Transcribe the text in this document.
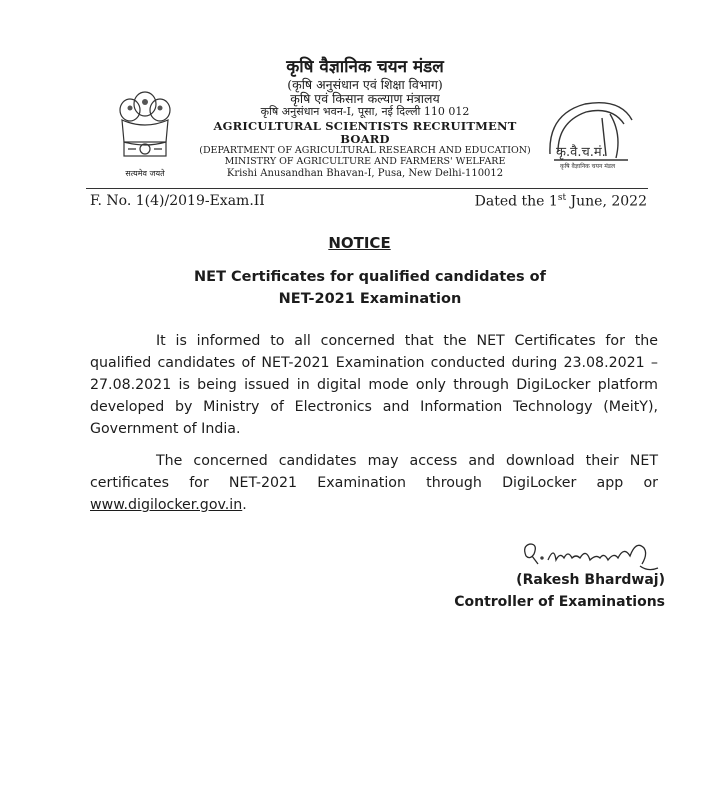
सत्यमेव जयते
कृषि वैज्ञानिक चयन मंडल
(कृषि अनुसंधान एवं शिक्षा विभाग)
कृषि एवं किसान कल्याण मंत्रालय
कृषि अनुसंधान भवन-I, पूसा, नई दिल्ली 110 012
AGRICULTURAL SCIENTISTS RECRUITMENT BOARD
(DEPARTMENT OF AGRICULTURAL RESEARCH AND EDUCATION)
MINISTRY OF AGRICULTURE AND FARMERS' WELFARE
Krishi Anusandhan Bhavan-I, Pusa, New Delhi-110012
कृ.वै.च.मं.
कृषि वैज्ञानिक चयन मंडल
F. No. 1(4)/2019-Exam.II	Dated the 1st June, 2022
NOTICE
NET Certificates for qualified candidates of
NET-2021 Examination
It is informed to all concerned that the NET Certificates for the qualified candidates of NET-2021 Examination conducted during 23.08.2021 – 27.08.2021 is being issued in digital mode only through DigiLocker platform developed by Ministry of Electronics and Information Technology (MeitY), Government of India.
The concerned candidates may access and download their NET certificates for NET-2021 Examination through DigiLocker app or www.digilocker.gov.in.
(Rakesh Bhardwaj)
Controller of Examinations
